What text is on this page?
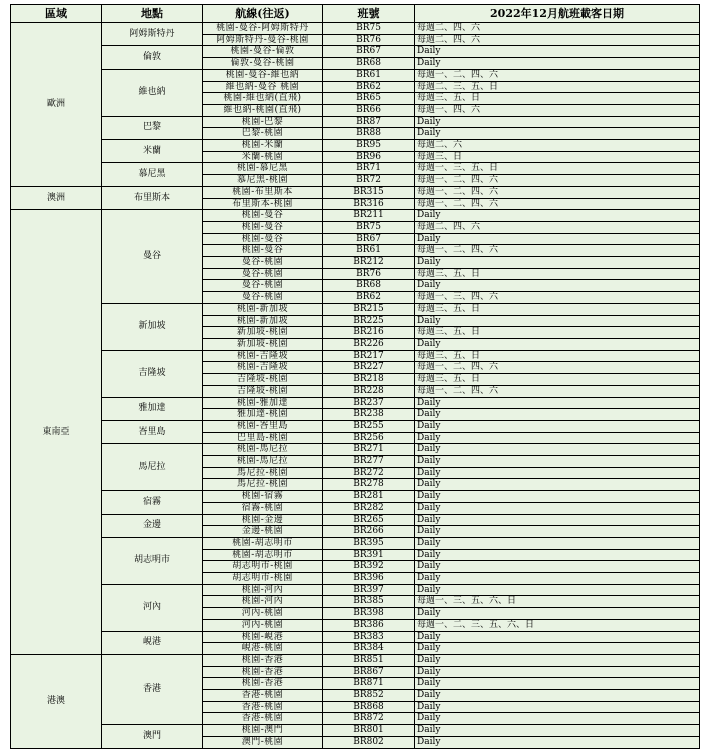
區域	地點	航線(往返)	班號	2022年12月航班載客日期
歐洲	阿姆斯特丹	桃園-曼谷-阿姆斯特丹	BR75	每週二、四、六
		阿姆斯特丹-曼谷-桃園	BR76	每週二、四、六
	倫敦	桃園-曼谷-倫敦	BR67	Daily
		倫敦-曼谷-桃園	BR68	Daily
	維也納	桃園-曼谷-維也納	BR61	每週一、二、四、六
		維也納-曼谷 桃園	BR62	每週二、三、五、日
		桃園-維也納(直飛)	BR65	每週三、五、日
		維也納-桃園(直飛)	BR66	每週一、四、六
	巴黎	桃園-巴黎	BR87	Daily
		巴黎-桃園	BR88	Daily
	米蘭	桃園-米蘭	BR95	每週二、六
		米蘭-桃園	BR96	每週三、日
	慕尼黑	桃園-慕尼黑	BR71	每週一、三、五、日
		慕尼黑-桃園	BR72	每週一、二、四、六
澳洲	布里斯本	桃園-布里斯本	BR315	每週一、二、四、六
		布里斯本-桃園	BR316	每週一、二、四、六
東南亞	曼谷	桃園-曼谷	BR211	Daily
		桃園-曼谷	BR75	每週二、四、六
		桃園-曼谷	BR67	Daily
		桃園-曼谷	BR61	每週一、二、四、六
		曼谷-桃園	BR212	Daily
		曼谷-桃園	BR76	每週三、五、日
		曼谷-桃園	BR68	Daily
		曼谷-桃園	BR62	每週一、三、四、六
	新加坡	桃園-新加坡	BR215	每週三、五、日
		桃園-新加坡	BR225	Daily
		新加坡-桃園	BR216	每週三、五、日
		新加坡-桃園	BR226	Daily
	吉隆坡	桃園-吉隆坡	BR217	每週三、五、日
		桃園-吉隆坡	BR227	每週一、二、四、六
		吉隆坡-桃園	BR218	每週三、五、日
		吉隆坡-桃園	BR228	每週一、二、四、六
	雅加達	桃園-雅加達	BR237	Daily
		雅加達-桃園	BR238	Daily
	峇里島	桃園-峇里島	BR255	Daily
		巴里島-桃園	BR256	Daily
	馬尼拉	桃園-馬尼拉	BR271	Daily
		桃園-馬尼拉	BR277	Daily
		馬尼拉-桃園	BR272	Daily
		馬尼拉-桃園	BR278	Daily
	宿霧	桃園-宿霧	BR281	Daily
		宿霧-桃園	BR282	Daily
	金邊	桃園-金邊	BR265	Daily
		金邊-桃園	BR266	Daily
	胡志明市	桃園-胡志明市	BR395	Daily
		桃園-胡志明市	BR391	Daily
		胡志明市-桃園	BR392	Daily
		胡志明市-桃園	BR396	Daily
	河內	桃園-河內	BR397	Daily
		桃園-河內	BR385	每週一、三、五、六、日
		河內-桃園	BR398	Daily
		河內-桃園	BR386	每週一、二、三、五、六、日
	峴港	桃園-峴港	BR383	Daily
		峴港-桃園	BR384	Daily
港澳	香港	桃園-香港	BR851	Daily
		桃園-香港	BR867	Daily
		桃園-香港	BR871	Daily
		香港-桃園	BR852	Daily
		香港-桃園	BR868	Daily
		香港-桃園	BR872	Daily
	澳門	桃園-澳門	BR801	Daily
		澳門-桃園	BR802	Daily
